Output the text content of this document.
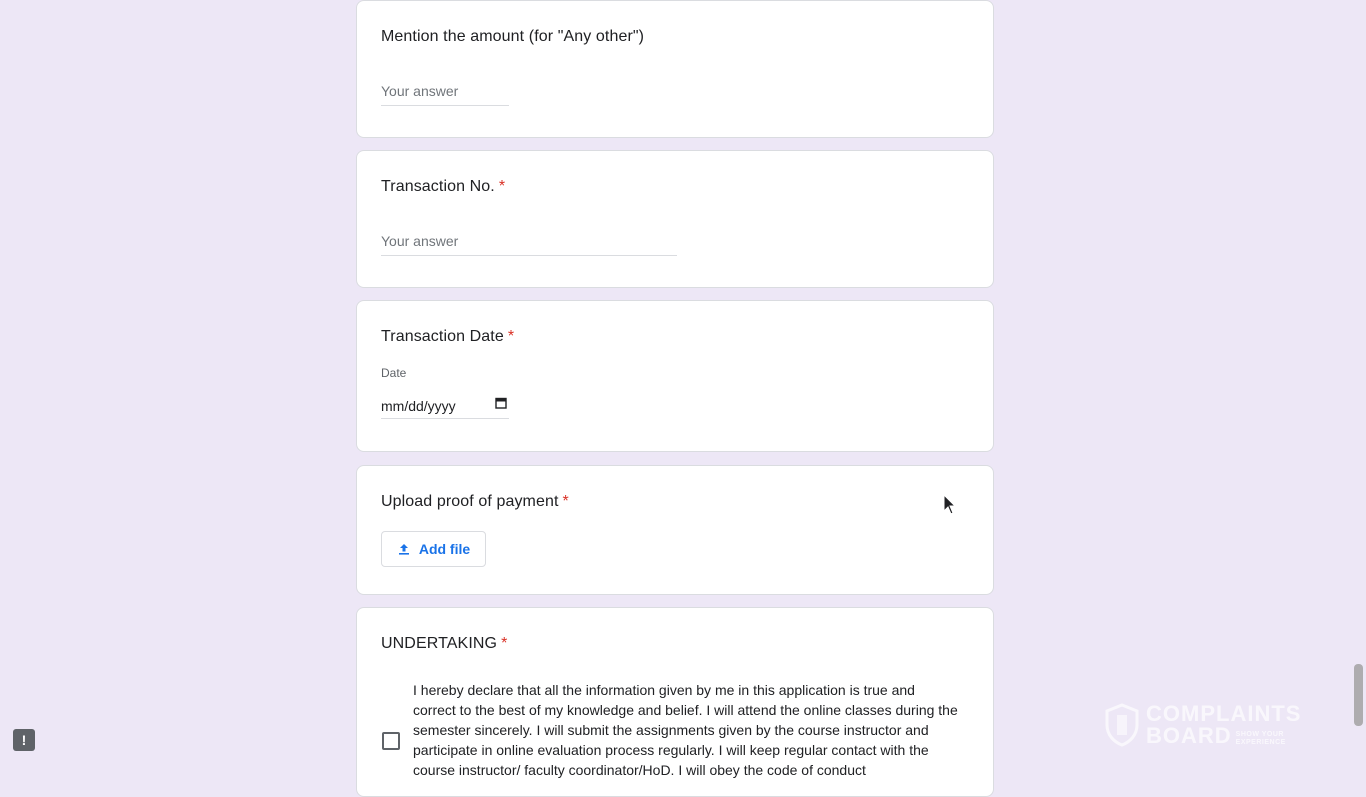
Mention the amount (for "Any other")
Your answer
Transaction No. *
Your answer
Transaction Date *
Date
mm/dd/yyyy
Upload proof of payment *
Add file
UNDERTAKING *
I hereby declare that all the information given by me in this application is true and correct to the best of my knowledge and belief. I will attend the online classes during the semester sincerely. I will submit the assignments given by the course instructor and participate in online evaluation process regularly. I will keep regular contact with the course instructor/ faculty coordinator/HoD. I will obey the code of conduct
!
COMPLAINTS
BOARD SHOW YOUR
EXPERIENCE
